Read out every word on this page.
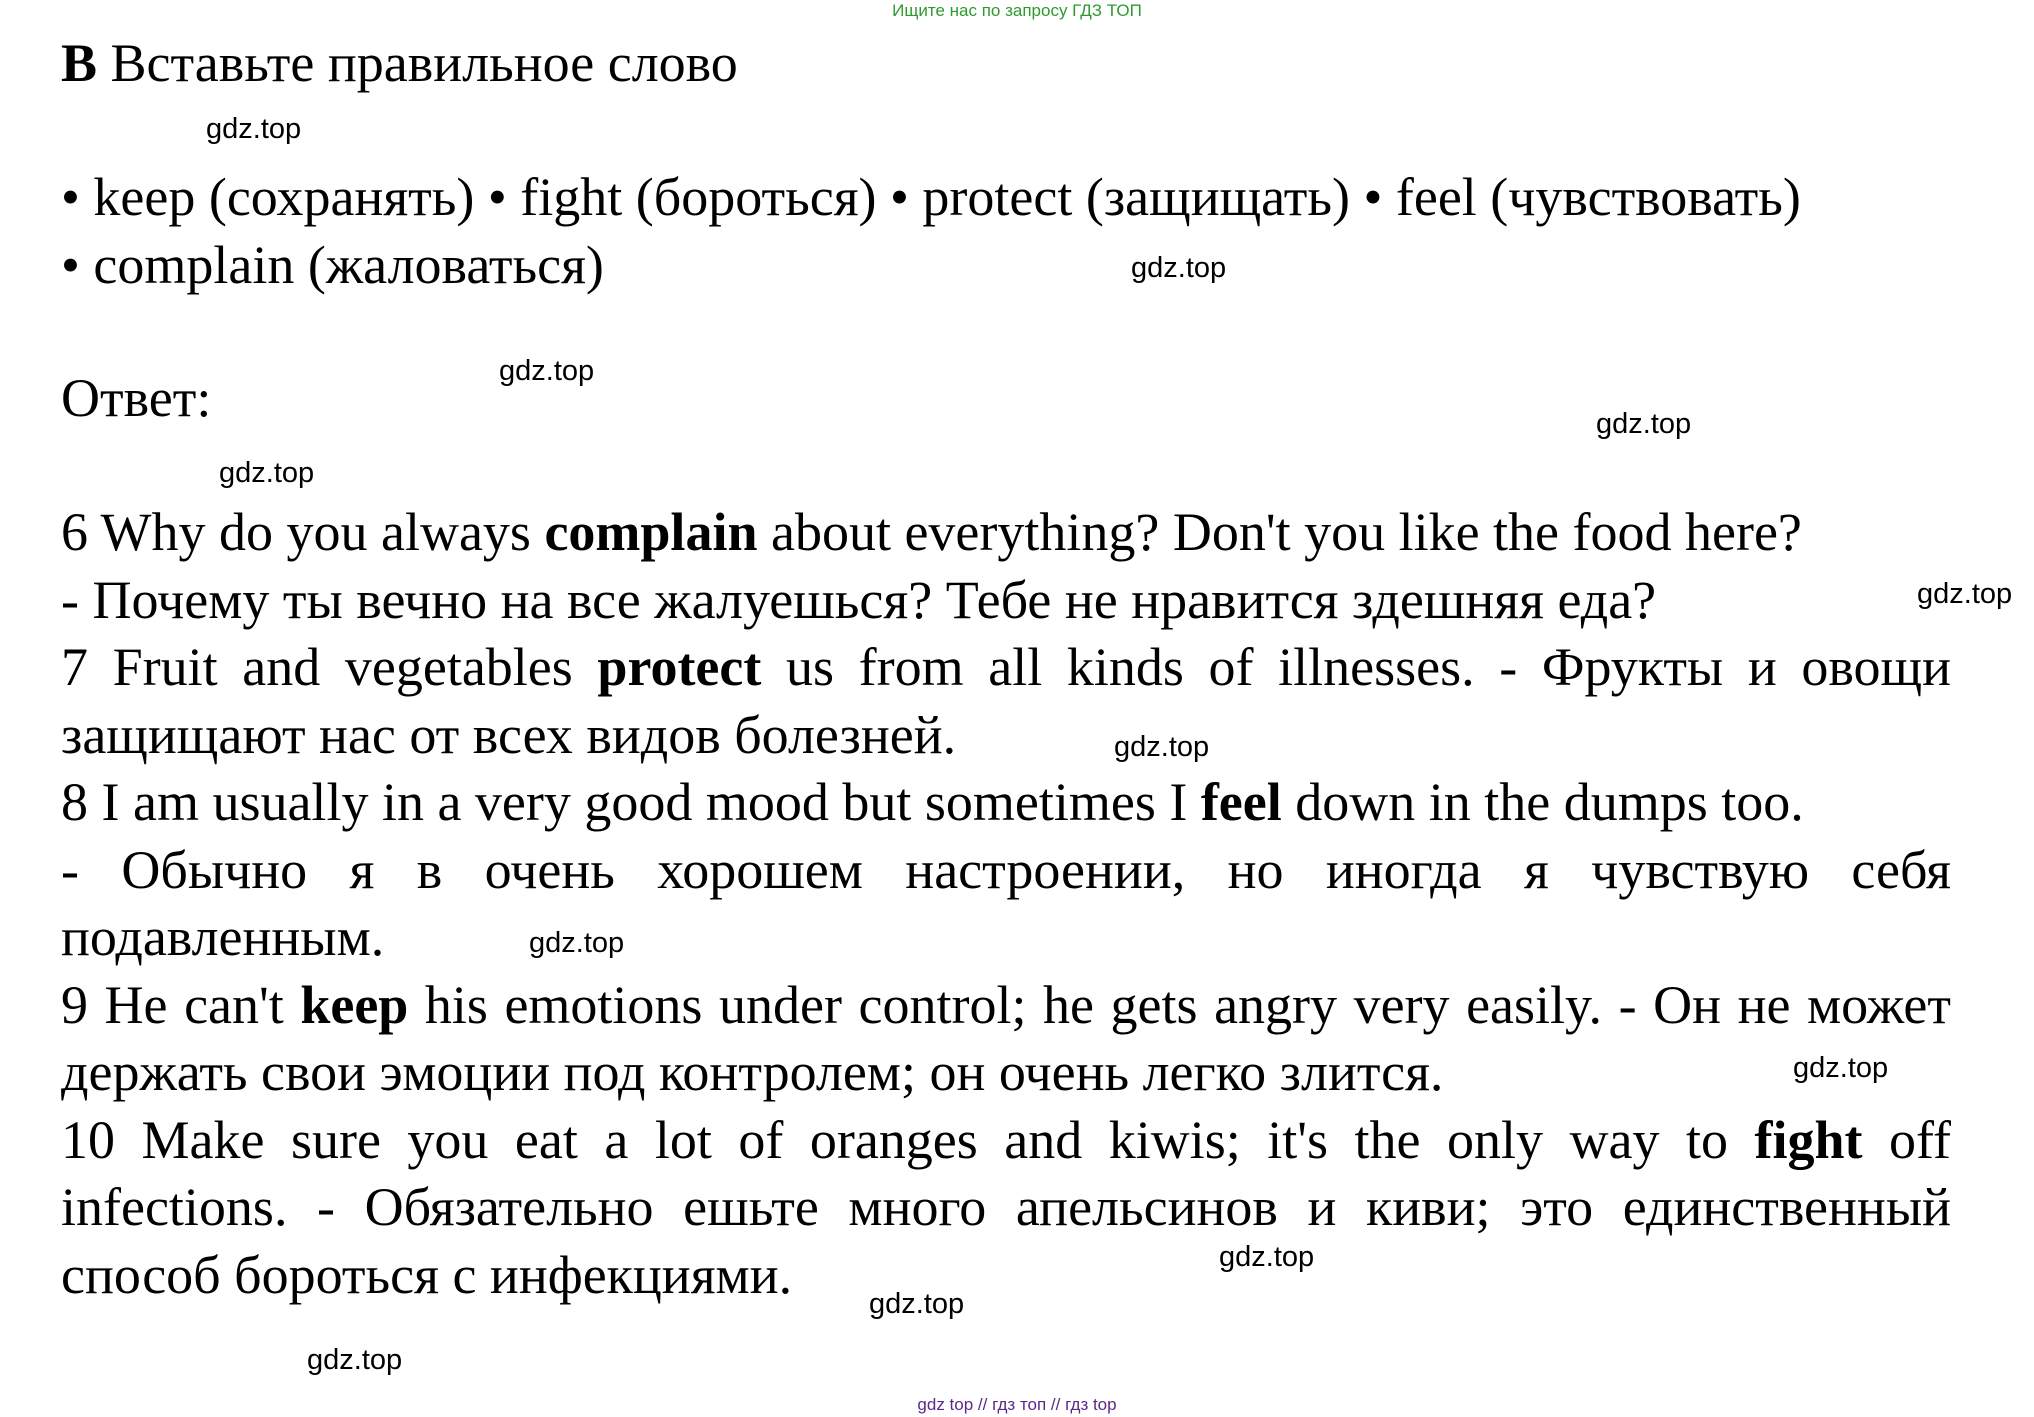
Ищите нас по запросу ГДЗ ТОП
B Вставьте правильное слово
• keep (сохранять) • fight (бороться) • protect (защищать) • feel (чувствовать)
• complain (жаловаться)
Ответ:

6 Why do you always complain about everything? Don't you like the food here?

- Почему ты вечно на все жалуешься? Тебе не нравится здешняя еда?

7 Fruit and vegetables protect us from all kinds of illnesses. - Фрукты и овощи защищают нас от всех видов болезней.

8 I am usually in a very good mood but sometimes I feel down in the dumps too.

- Обычно я в очень хорошем настроении, но иногда я чувствую себя подавленным.

9 He can't keep his emotions under control; he gets angry very easily. - Он не может держать свои эмоции под контролем; он очень легко злится.

10 Make sure you eat a lot of oranges and kiwis; it's the only way to fight off infections. - Обязательно ешьте много апельсинов и киви; это единственный способ бороться с инфекциями.

gdz.top
gdz.top
gdz.top
gdz.top
gdz.top
gdz.top
gdz.top
gdz.top
gdz.top
gdz.top
gdz.top
gdz.top
gdz top // гдз топ // гдз top
